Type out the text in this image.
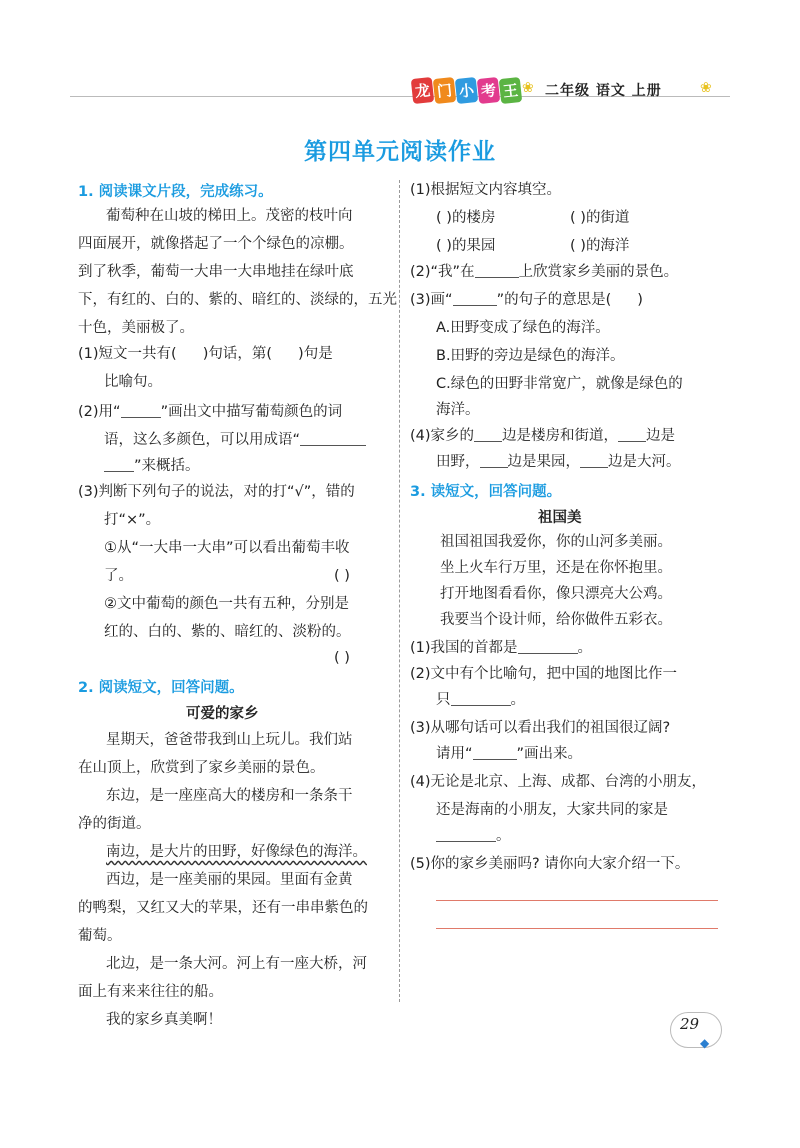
龙 门 小 考 王 ❀ 二年级 语文 上册	❀
第四单元阅读作业
1. 阅读课文片段，完成练习。
葡萄种在山坡的梯田上。茂密的枝叶向
四面展开，就像搭起了一个个绿色的凉棚。
到了秋季，葡萄一大串一大串地挂在绿叶底
下，有红的、白的、紫的、暗红的、淡绿的，五光
十色，美丽极了。
(1)短文一共有( )句话，第( )句是
比喻句。
(2)用“	”画出文中描写葡萄颜色的词
语，这么多颜色，可以用成语“
”来概括。
(3)判断下列句子的说法，对的打“√”，错的
打“×”。
①从“一大串一大串”可以看出葡萄丰收
了。	( )
②文中葡萄的颜色一共有五种，分别是
红的、白的、紫的、暗红的、淡粉的。
( )
2. 阅读短文，回答问题。
可爱的家乡
星期天，爸爸带我到山上玩儿。我们站
在山顶上，欣赏到了家乡美丽的景色。
东边，是一座座高大的楼房和一条条干
净的街道。
南边，是大片的田野，好像绿色的海洋。
西边，是一座美丽的果园。里面有金黄
的鸭梨，又红又大的苹果，还有一串串紫色的
葡萄。
北边，是一条大河。河上有一座大桥，河
面上有来来往往的船。
我的家乡真美啊！
(1)根据短文内容填空。
( )的楼房	( )的街道
( )的果园	( )的海洋
(2)“我”在	上欣赏家乡美丽的景色。
(3)画“	”的句子的意思是( )
A.田野变成了绿色的海洋。
B.田野的旁边是绿色的海洋。
C.绿色的田野非常宽广，就像是绿色的
海洋。
(4)家乡的 边是楼房和街道， 边是
田野， 边是果园， 边是大河。
3. 读短文，回答问题。
祖国美
祖国祖国我爱你，你的山河多美丽。
坐上火车行万里，还是在你怀抱里。
打开地图看看你，像只漂亮大公鸡。
我要当个设计师，给你做件五彩衣。
(1)我国的首都是	。
(2)文中有个比喻句，把中国的地图比作一
只	。
(3)从哪句话可以看出我们的祖国很辽阔?
请用“	”画出来。
(4)无论是北京、上海、成都、台湾的小朋友，
还是海南的小朋友，大家共同的家是
。
(5)你的家乡美丽吗? 请你向大家介绍一下。
29
◆
